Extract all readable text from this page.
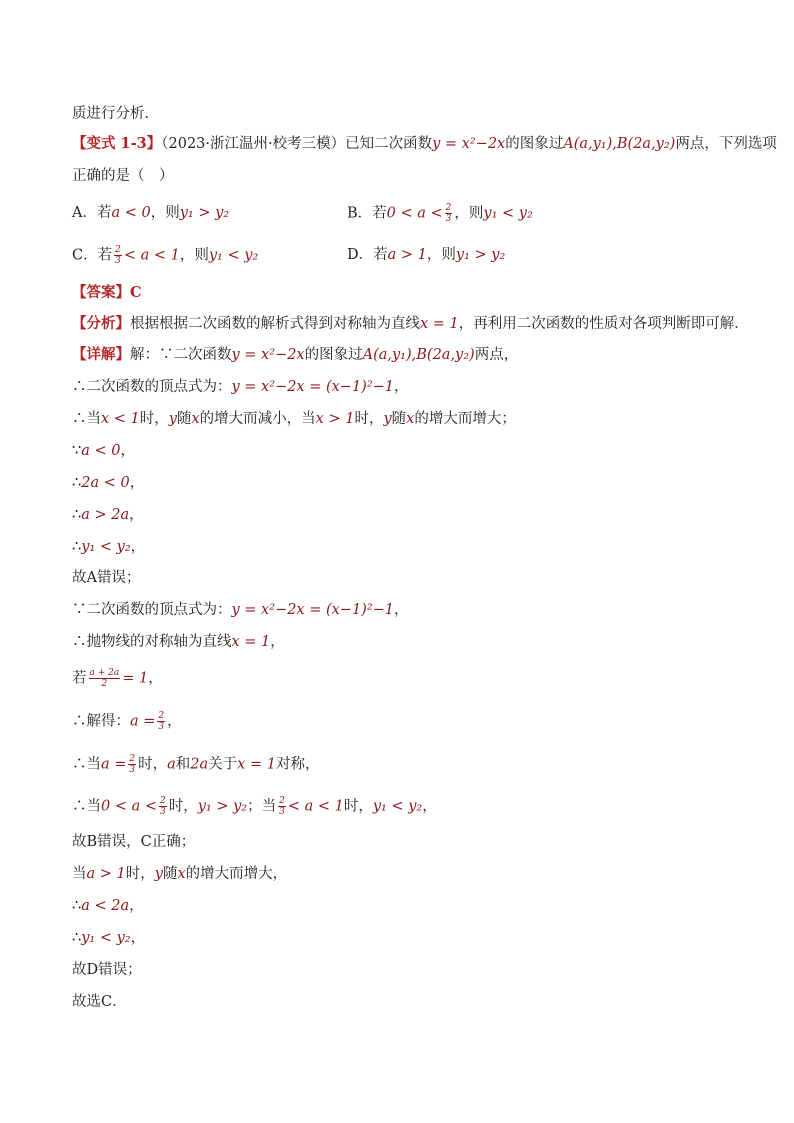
质进行分析．
【变式 1-3】（2023·浙江温州·校考三模）已知二次函数y = x²−2x的图象过A(a,y₁),B(2a,y₂)两点，下列选项
正确的是（　）
A．若a < 0，则y₁ > y₂	B．若$0 < a < \frac{2}{3}$ ，则y₁ < y₂
C．若 $\frac{2}{3} < a < 1$，则y₁ < y₂	D．若a > 1，则y₁ > y₂
【答案】C
【分析】根据根据二次函数的解析式得到对称轴为直线x = 1，再利用二次函数的性质对各项判断即可解．
【详解】解：∵二次函数y = x²−2x的图象过A(a,y₁),B(2a,y₂)两点，
∴二次函数的顶点式为：y = x²−2x = (x−1)²−1，
∴当x < 1时，y随x的增大而减小，当x > 1时，y随x的增大而增大；
∵a < 0，
∴2a < 0，
∴a > 2a，
∴y₁ < y₂，
故A错误；
∵二次函数的顶点式为：y = x²−2x = (x−1)²−1，
∴抛物线的对称轴为直线x = 1，
若 $\frac{a + 2a}{2} = 1$，
∴解得：$a = \frac{2}{3}$ ，
∴当$a = \frac{2}{3}$ 时，a和2a关于x = 1对称，
∴当$0 < a < \frac{2}{3}$ 时，y₁ > y₂；当 $\frac{2}{3} < a < 1$时，y₁ < y₂，
故B错误，C正确；
当a > 1时，y随x的增大而增大，
∴a < 2a，
∴y₁ < y₂，
故D错误；
故选C．
